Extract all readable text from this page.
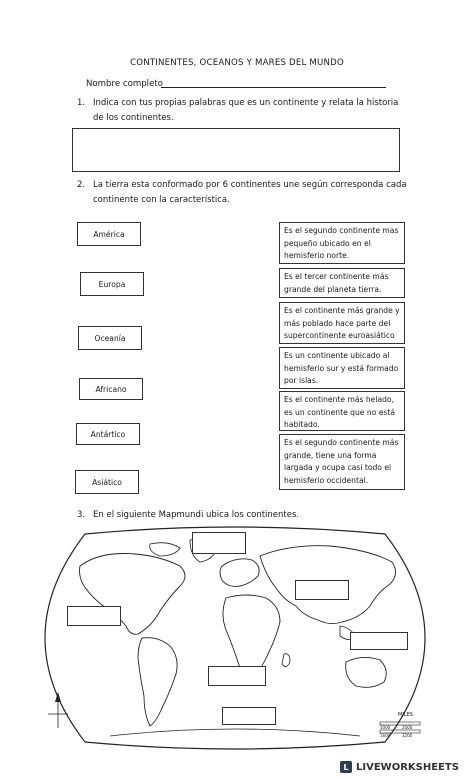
CONTINENTES, OCEANOS Y MARES DEL MUNDO
Nombre completo
1. Indica con tus propias palabras que es un continente y relata la historia de los continentes.
2. La tierra esta conformado por 6 continentes une según corresponda cada continente con la característica.
América
Europa
Oceanía
Africano
Antártico
Asiático
Es el segundo continente mas pequeño ubicado en el hemisferio norte.
Es el tercer continente más grande del planeta tierra.
Es el continente más grande y más poblado hace parte del supercontinente euroasiático
Es un continente ubicado al hemisferio sur y está formado por islas.
Es el continente más helado, es un continente que no está habitado.
Es el segundo continente más grande, tiene una forma largada y ocupa casi todo el hemisferio occidental.
3. En el siguiente Mapmundi ubica los continentes.
MILES
1000	2000
1600	3200
L LIVEWORKSHEETS
